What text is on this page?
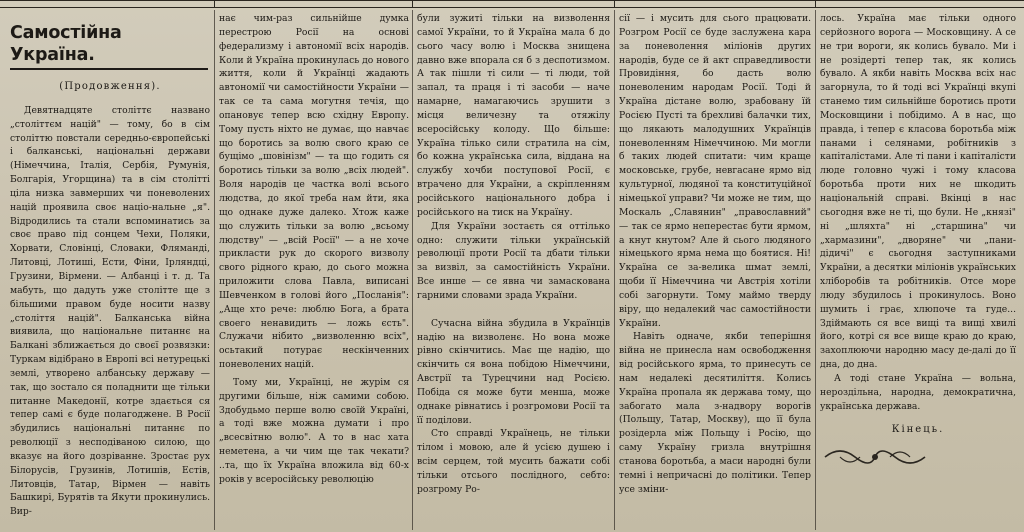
Самостійна Україна.
(Продовження).

Девятнадцяте століттє названо „століттєм націй" — тому, бо в сім століттю повстали середньо-європейські і балканські, національні держави (Німеччина, Італія, Сербія, Румунія, Болгарія, Угорщина) та в сім столітті ціла низка завмерших чи поневолених націй проявила своє націо-нальне „я". Відродились та стали вспоминатись за своє право під сонцем Чехи, Поляки, Хорвати, Словінці, Словаки, Фляманді, Литовці, Лотиші, Ести, Фіни, Ірляндці, Грузини, Вірмени. — Албанці і т. д. Та мабуть, що дадуть уже столітте ще з більшими правом буде носити назву „століття націй". Балканська війна виявила, що національне питаннє на Балкані зближається до своєї розвязки: Туркам відібрано в Европі всі нетурецькі землі, утворено албанську державу — так, що зостало ся поладнити ще тільки питанне Македонії, котре здається ся тепер самі є буде полагоджене. В Росії збудились національні питаннє по революції з несподіваною силою, що вказує на його дозріванне. Зростає рух Білорусів, Грузинів, Лотишів, Естів, Литовців, Татар, Вірмен — навіть Башкирі, Бурятів та Якути прокинулись. Вир-

нає чим-раз сильнійше думка перестрою Росії на основі федерализму і автономії всіх народів. Коли й Україна прокинулась до нового життя, коли й Українці жадають автономії чи самостійности України — так се та сама могутня течія, що опановує тепер всю східну Европу. Тому пусть ніхто не думає, що навчає що боротись за волю свого краю се бущімо „шовінізм" — та що годить ся боротись тільки за волю „всіх людей". Воля народів це частка волі всього людства, до якої треба нам йти, яка що однаке дуже далеко. Хтож каже що служить тільки за волю „всьому людству" — „всій Росії" — а не хоче прикласти рук до скорого визволу свого рідного краю, до сього можна приложити слова Павла, виписані Шевченком в голові його „Посланія": „Аще хто рече: люблю Бога, а брата своего ненавидить — ложь єсть". Служачи нібито „визволенню всіх", осьтакий потурає нескінченних поневолених націй.

Тому ми, Українці, не журім ся другими більше, ніж самими собою. Здобудьмо перше волю своїй Україні, а тоді вже можна думати і про „всесвітню волю". А то в нас хата неметена, а чи чим ще так чекати? ..та, що їх Україна вложила від 60-х років у всеросійську революцію

були зужиті тільки на визволення самої України, то й Україна мала б до сього часу волю і Москва знищена давно вже впорала ся б з деспотизмом. А так пішли ті сили — ті люди, той запал, та праця і ті засоби — наче намарне, намагаючись зрушити з місця величезну та отяжілу всеросійську колоду. Що більше: Україна тілько сили стратила на сім, бо кожна українська сила, віддана на службу хочби поступової Росії, є втрачено для України, а скріпленням російського національного добра і російського на тиск на Україну.

Для України зостаєть ся оттілько одно: служити тільки українській революції проти Росії та дбати тільки за визвіл, за самостійність України. Все инше — се явна чи замаскована гарними словами зрада України.

Сучасна війна збудила в Українців надію на визволенє. Но вона може рівно скінчитись. Має ще надію, що скінчить ся вона побідою Німеччини, Австрії та Турецчини над Росією. Побіда ся може бути менша, може однаке рівнатись і розгромови Росії та її поділови.

Сто справді Українець, не тільки тілом і мовою, але й усією душею і всім серцем, той мусить бажати собі тільки отсього послідного, себто: розгрому Ро-

сії — і мусить для сього працювати. Розгром Росії се буде заслужена кара за поневолення міліонів других народів, буде се й акт справедливости Провидіння, бо дасть волю поневоленим народам Росії. Тоді й Україна дістане волю, зрабовану їй Росією Пусті та брехливі балачки тих, що лякають малодушних Українців поневоленням Німеччиною. Ми могли б таких людей спитати: чим краще московське, грубе, невгасане ярмо від культурної, людяної та конституційної німецької управи? Чи може не тим, що Москаль „Славянин" „православний" — так се ярмо неперестає бути ярмом, а кнут кнутом? Але й сього людяного німецького ярма нема що боятися. Ні! Україна се за-велика шмат землі, щоби її Німеччина чи Австрія хотіли собі загорнути. Тому маймо тверду віру, що недалекий час самостійности України.

Навіть одначе, якби теперішня війна не принесла нам освободження від російського ярма, то принесуть се нам недалекі десятиліття. Колись Україна пропала як держава тому, що забогато мала з-надвору ворогів (Польщу, Татар, Москву), що її була розідерла між Польщу і Росію, що саму Україну гризла внутрішня станова боротьба, а маси народні були темні і непричасні до політики. Тепер усе зміни-

лось. Україна має тільки одного серйозного ворога — Московщину. А се не три вороги, як колись бувало. Ми і не розідерті тепер так, як колись бувало. А якби навіть Москва всіх нас загорнула, то й тоді всі Українці вкупі станемо тим сильнійше боротись проти Московщини і побідимо. А в нас, що правда, і тепер є класова боротьба між панами і селянами, робітників з капіталістами. Але ті пани і капіталісти люде головно чужі і тому класова боротьба проти них не шкодить національній справі. Вкінці в нас сьогодня вже не ті, що були. Не „князі" ні „шляхта" ні „старшина" чи „хармазини", „дворяне" чи „пани-дідичі" є сьогодня заступниками України, а десятки міліонів українських хліборобів та робітників. Отсе море люду збудилось і прокинулось. Воно шумить і грає, хлюпоче та гуде... Здіймають ся все вищі та вищі хвилі його, котрі ся все вище краю до краю, захоплюючи народню масу де-далі до її дна, до дна.

А тоді стане Україна — вольна, нероздільна, народна, демократична, українська держава.

Кінець.
